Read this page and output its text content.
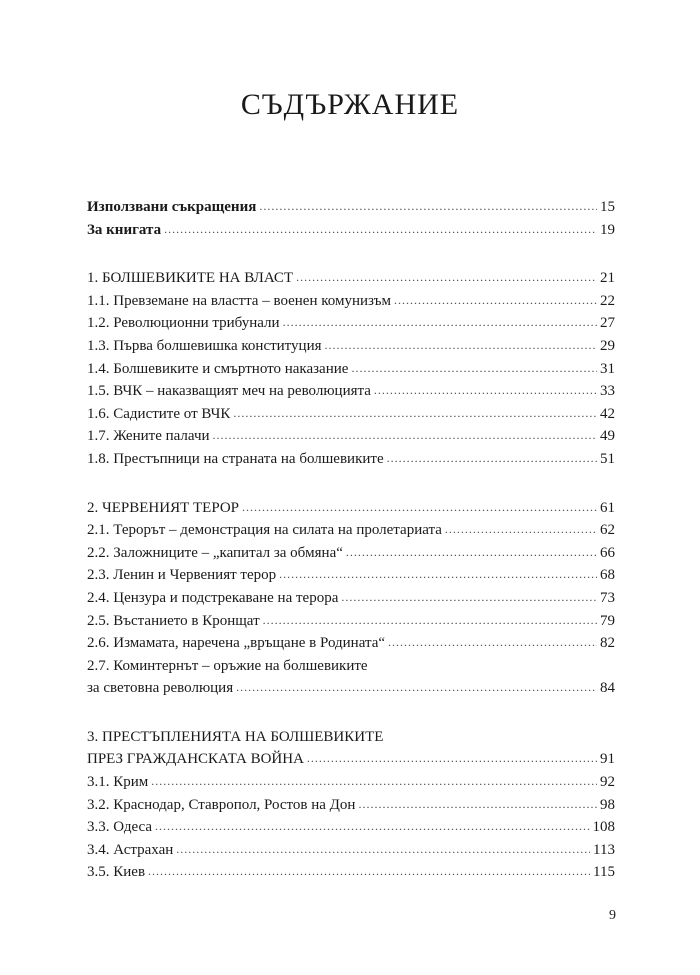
СЪДЪРЖАНИЕ
Използвани съкращения .....	15
За книгата .....	19
1. БОЛШЕВИКИТЕ НА ВЛАСТ .....	21
1.1. Превземане на властта – военен комунизъм .....	22
1.2. Революционни трибунали .....	27
1.3. Първа болшевишка конституция .....	29
1.4. Болшевиките и смъртното наказание .....	31
1.5. ВЧК – наказващият меч на революцията .....	33
1.6. Садистите от ВЧК .....	42
1.7. Жените палачи .....	49
1.8. Престъпници на страната на болшевиките .....	51
2. ЧЕРВЕНИЯТ ТЕРОР .....	61
2.1. Терорът – демонстрация на силата на пролетариата .....	62
2.2. Заложниците – „капитал за обмяна“ .....	66
2.3. Ленин и Червеният терор .....	68
2.4. Цензура и подстрекаване на терора .....	73
2.5. Въстанието в Кронщат .....	79
2.6. Измамата, наречена „връщане в Родината“ .....	82
2.7. Коминтернът – оръжие на болшевиките
за световна революция .....	84
3. ПРЕСТЪПЛЕНИЯТА НА БОЛШЕВИКИТЕ
ПРЕЗ ГРАЖДАНСКАТА ВОЙНА .....	91
3.1. Крим .....	92
3.2. Краснодар, Ставропол, Ростов на Дон .....	98
3.3. Одеса .....	108
3.4. Астрахан .....	113
3.5. Киев .....	115
9
